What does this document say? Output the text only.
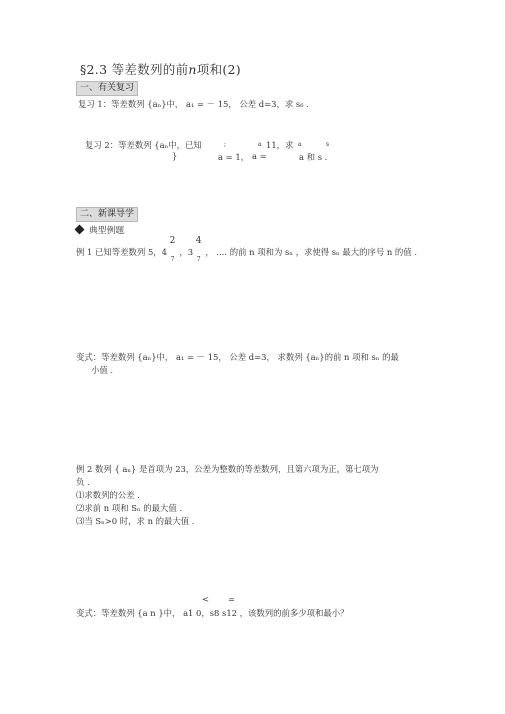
§2.3 等差数列的前n项和(2)
一、有关复习
复习 1：等差数列 {aₙ}中， a₁ = － 15， 公差 d=3，求 s₆ .
复习 2：等差数列 {aₙ中，已知	;	a 11，求 a	s
}	a = 1， a =	a 和 s .
二、新课导学
典型例题
例 1 已知等差数列 5，4
2
7
，3
4
7
， .... 的前 n 项和为 sₙ ，求使得 sₙ 最大的序号 n 的值 .
变式：等差数列 {aₙ}中， a₁ = － 15， 公差 d=3， 求数列 {aₙ}的前 n 项和 sₙ 的最
小值 .
例 2 数列 { aₙ} 是首项为 23，公差为整数的等差数列，且第六项为正，第七项为
负 .
⑴求数列的公差 .
⑵求前 n 项和 Sₙ 的最大值 .
⑶当 Sₙ>0 时，求 n 的最大值 .
< =
变式：等差数列 {a n }中， a1 0，s8 s12 ，该数列的前多少项和最小？
